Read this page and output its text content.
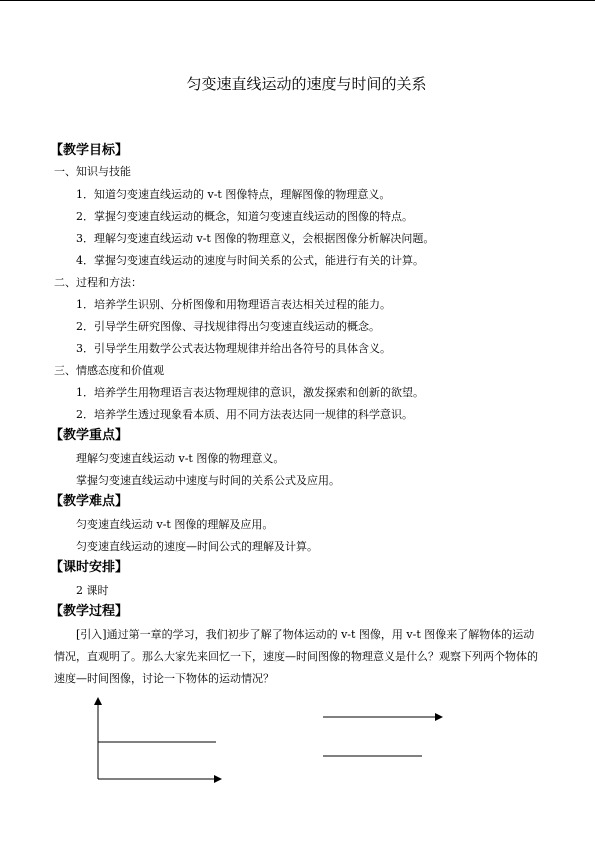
匀变速直线运动的速度与时间的关系
【教学目标】
一、知识与技能
1．知道匀变速直线运动的 v-t 图像特点，理解图像的物理意义。
2．掌握匀变速直线运动的概念，知道匀变速直线运动的图像的特点。
3．理解匀变速直线运动 v-t 图像的物理意义，会根据图像分析解决问题。
4．掌握匀变速直线运动的速度与时间关系的公式，能进行有关的计算。
二、过程和方法：
1．培养学生识别、分析图像和用物理语言表达相关过程的能力。
2．引导学生研究图像、寻找规律得出匀变速直线运动的概念。
3．引导学生用数学公式表达物理规律并给出各符号的具体含义。
三、情感态度和价值观
1．培养学生用物理语言表达物理规律的意识，激发探索和创新的欲望。
2．培养学生透过现象看本质、用不同方法表达同一规律的科学意识。
【教学重点】
理解匀变速直线运动 v-t 图像的物理意义。
掌握匀变速直线运动中速度与时间的关系公式及应用。
【教学难点】
匀变速直线运动 v-t 图像的理解及应用。
匀变速直线运动的速度—时间公式的理解及计算。
【课时安排】
2 课时
【教学过程】
[引入]通过第一章的学习，我们初步了解了物体运动的 v-t 图像，用 v-t 图像来了解物体的运动情况，直观明了。那么大家先来回忆一下，速度—时间图像的物理意义是什么？观察下列两个物体的速度—时间图像，讨论一下物体的运动情况？
